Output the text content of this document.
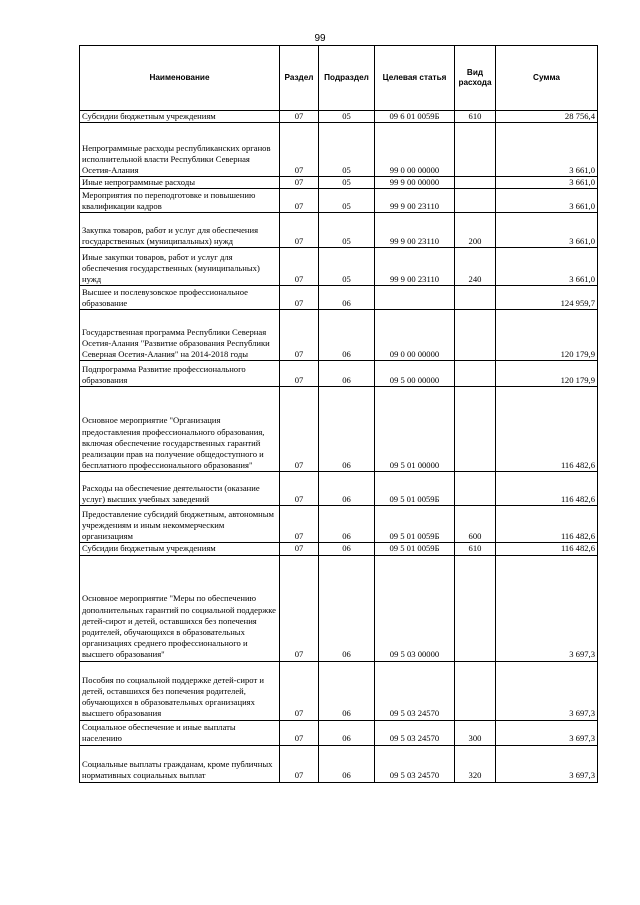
99
Наименование	Раздел	Подраздел	Целевая статья	Вид расхода	Сумма
Субсидии бюджетным учреждениям	07	05	09 6 01 0059Б	610	28 756,4
Непрограммные расходы республиканских органов исполнительной власти Республики Северная Осетия-Алания	07	05	99 0 00 00000		3 661,0
Иные непрограммные расходы	07	05	99 9 00 00000		3 661,0
Мероприятия по переподготовке и повышению квалификации кадров	07	05	99 9 00 23110		3 661,0
Закупка товаров, работ и услуг для обеспечения государственных (муниципальных) нужд	07	05	99 9 00 23110	200	3 661,0
Иные закупки товаров, работ и услуг для обеспечения государственных (муниципальных) нужд	07	05	99 9 00 23110	240	3 661,0
Высшее и послевузовское профессиональное образование	07	06			124 959,7
Государственная программа Республики Северная Осетия-Алания "Развитие образования Республики Северная Осетия-Алания" на 2014-2018 годы	07	06	09 0 00 00000		120 179,9
Подпрограмма Развитие профессионального образования	07	06	09 5 00 00000		120 179,9
Основное мероприятие "Организация предоставления профессионального образования, включая обеспечение государственных гарантий реализации прав на получение общедоступного и бесплатного профессионального образования"	07	06	09 5 01 00000		116 482,6
Расходы на обеспечение деятельности (оказание услуг) высших учебных заведений	07	06	09 5 01 0059Б		116 482,6
Предоставление субсидий бюджетным, автономным учреждениям и иным некоммерческим организациям	07	06	09 5 01 0059Б	600	116 482,6
Субсидии бюджетным учреждениям	07	06	09 5 01 0059Б	610	116 482,6
Основное мероприятие "Меры по обеспечению дополнительных гарантий по социальной поддержке детей-сирот и детей, оставшихся без попечения родителей, обучающихся в образовательных организациях среднего профессионального и высшего образования"	07	06	09 5 03 00000		3 697,3
Пособия по социальной поддержке детей-сирот и детей, оставшихся без попечения родителей, обучающихся в образовательных организациях высшего образования	07	06	09 5 03 24570		3 697,3
Социальное обеспечение и иные выплаты населению	07	06	09 5 03 24570	300	3 697,3
Социальные выплаты гражданам, кроме публичных нормативных социальных выплат	07	06	09 5 03 24570	320	3 697,3
